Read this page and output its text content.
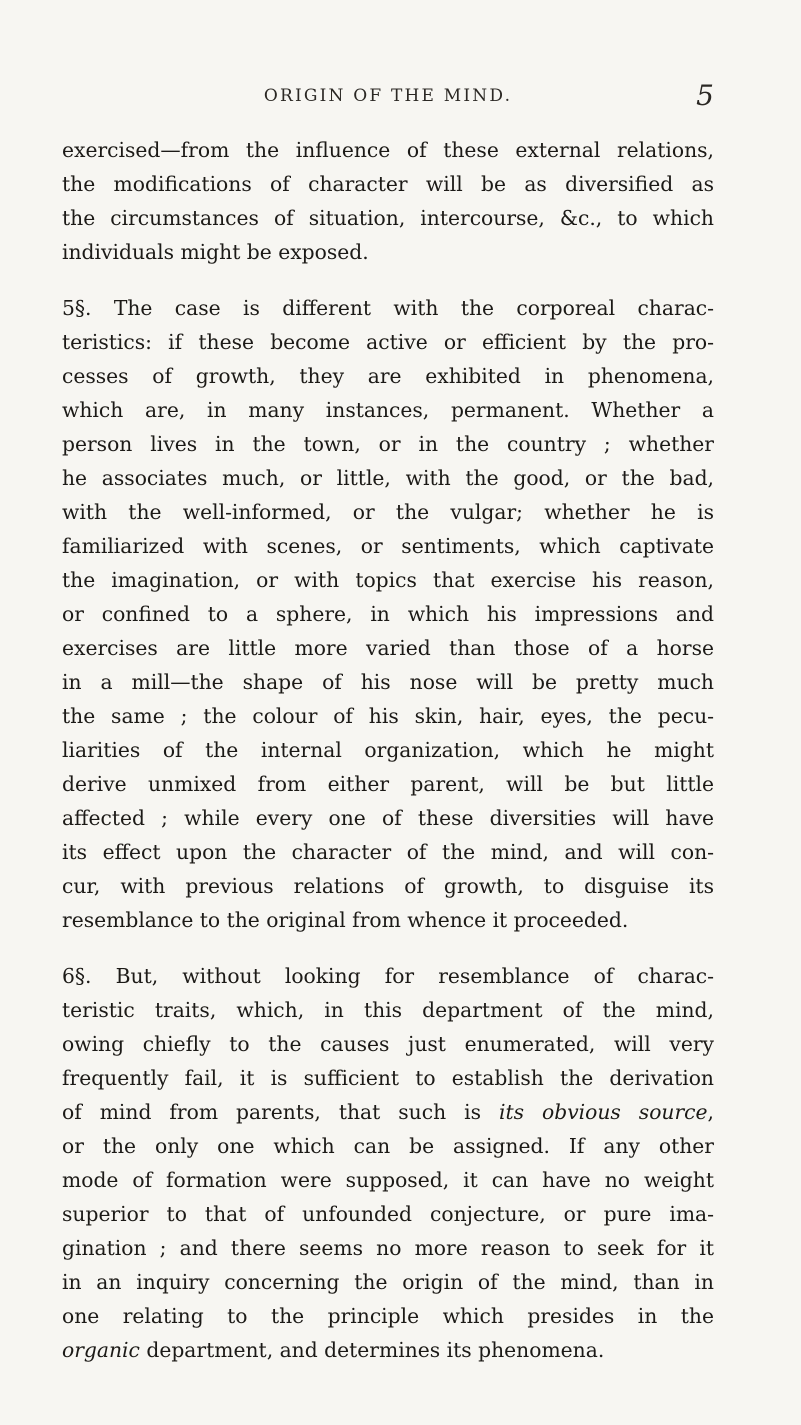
ORIGIN OF THE MIND.	5
exercised—from the influence of these external relations,
the modifications of character will be as diversified as
the circumstances of situation, intercourse, &c., to which
individuals might be exposed.
5§. The case is different with the corporeal charac-
teristics: if these become active or efficient by the pro-
cesses of growth, they are exhibited in phenomena,
which are, in many instances, permanent. Whether a
person lives in the town, or in the country ; whether
he associates much, or little, with the good, or the bad,
with the well-informed, or the vulgar; whether he is
familiarized with scenes, or sentiments, which captivate
the imagination, or with topics that exercise his reason,
or confined to a sphere, in which his impressions and
exercises are little more varied than those of a horse
in a mill—the shape of his nose will be pretty much
the same ; the colour of his skin, hair, eyes, the pecu-
liarities of the internal organization, which he might
derive unmixed from either parent, will be but little
affected ; while every one of these diversities will have
its effect upon the character of the mind, and will con-
cur, with previous relations of growth, to disguise its
resemblance to the original from whence it proceeded.
6§. But, without looking for resemblance of charac-
teristic traits, which, in this department of the mind,
owing chiefly to the causes just enumerated, will very
frequently fail, it is sufficient to establish the derivation
of mind from parents, that such is its obvious source,
or the only one which can be assigned. If any other
mode of formation were supposed, it can have no weight
superior to that of unfounded conjecture, or pure ima-
gination ; and there seems no more reason to seek for it
in an inquiry concerning the origin of the mind, than in
one relating to the principle which presides in the
organic department, and determines its phenomena.
